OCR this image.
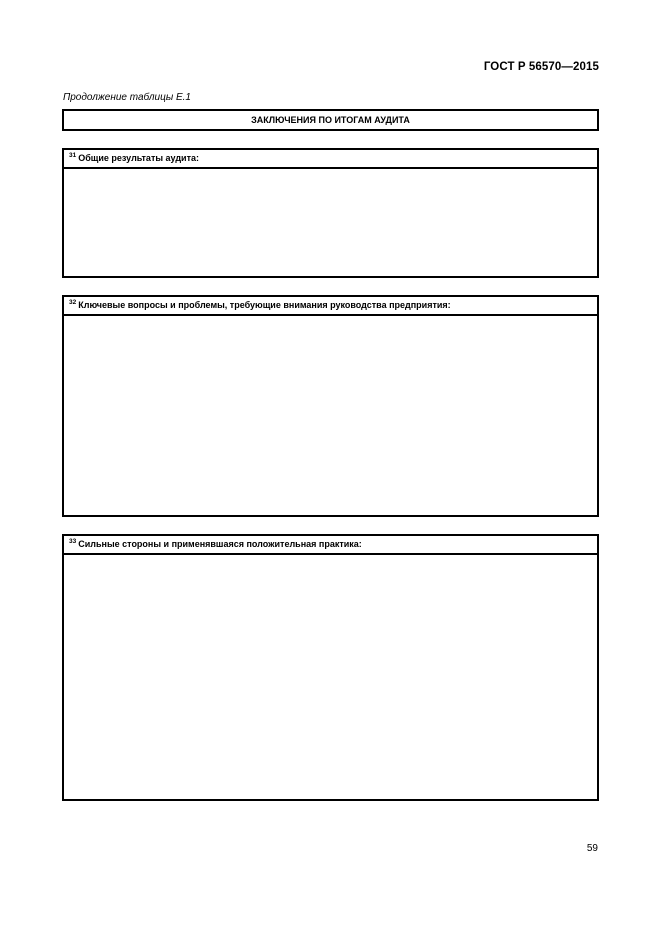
ГОСТ Р 56570—2015
Продолжение таблицы Е.1
ЗАКЛЮЧЕНИЯ ПО ИТОГАМ АУДИТА
$^{31}$ Общие результаты аудита:
$^{32}$ Ключевые вопросы и проблемы, требующие внимания руководства предприятия:
$^{33}$ Сильные стороны и применявшаяся положительная практика:
59
